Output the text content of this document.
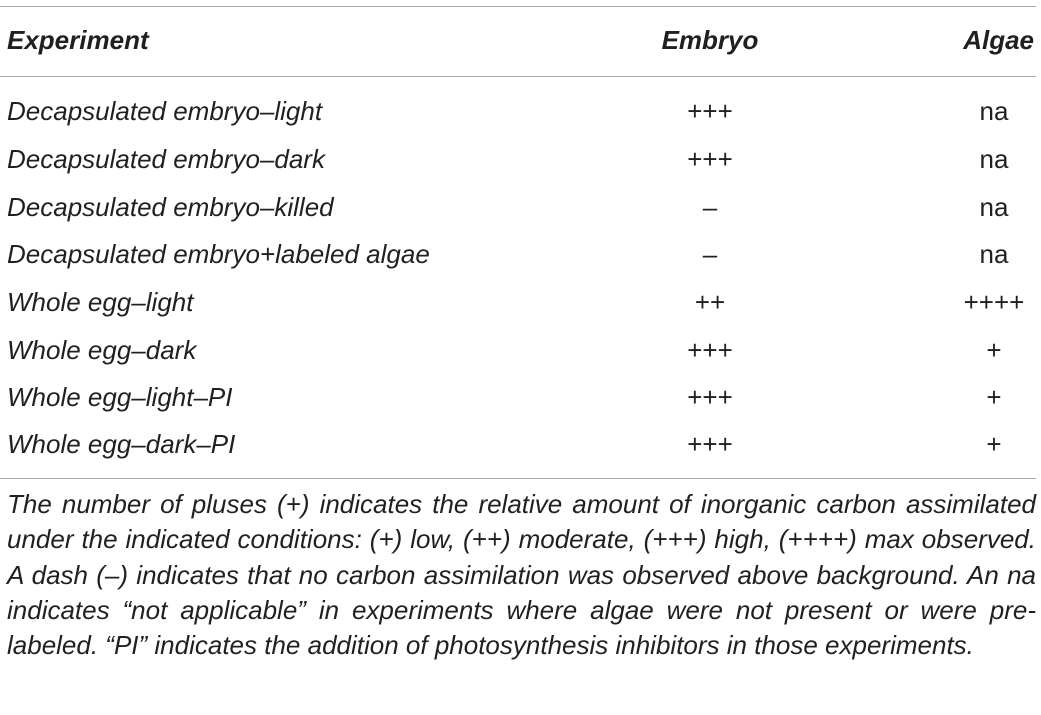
Experiment	Embryo	Algae
Decapsulated embryo–light	+++	na
Decapsulated embryo–dark	+++	na
Decapsulated embryo–killed	–	na
Decapsulated embryo+labeled algae	–	na
Whole egg–light	++	++++
Whole egg–dark	+++	+
Whole egg–light–PI	+++	+
Whole egg–dark–PI	+++	+

The number of pluses (+) indicates the relative amount of inorganic carbon assimilated under the indicated conditions: (+) low, (++) moderate, (+++) high, (++++) max observed. A dash (–) indicates that no carbon assimilation was observed above background. An na indicates “not applicable” in experiments where algae were not present or were pre-labeled. “PI” indicates the addition of photosynthesis inhibitors in those experiments.
